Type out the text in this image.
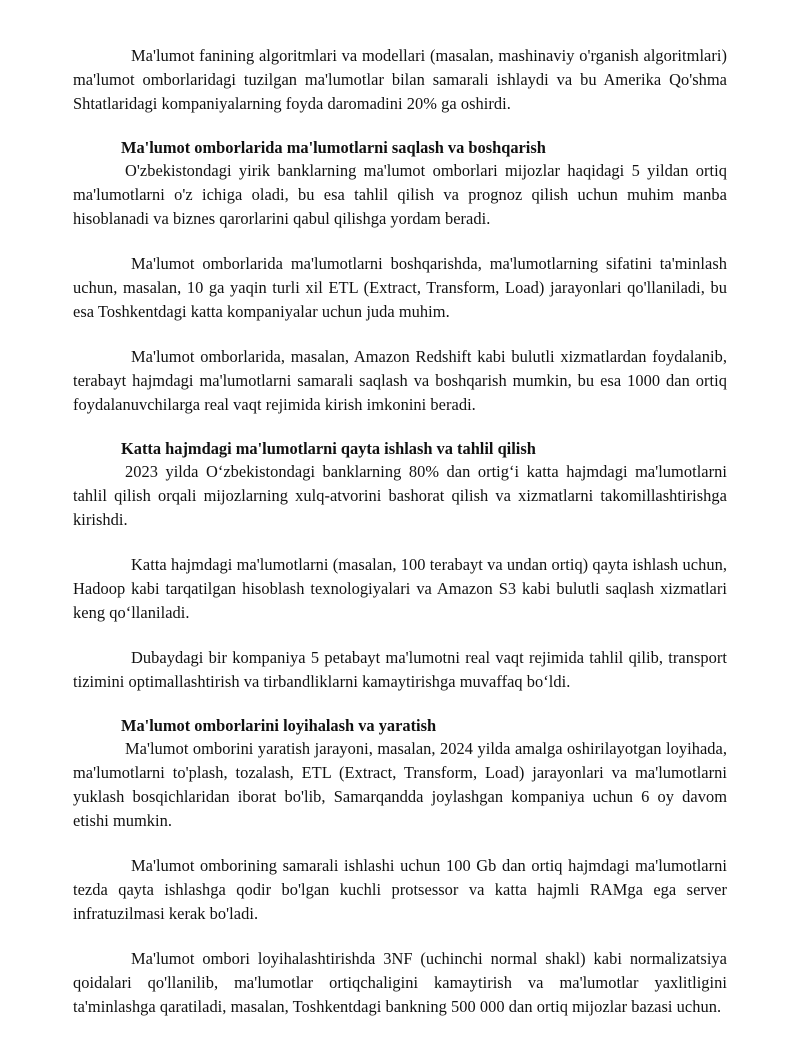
Ma'lumot fanining algoritmlari va modellari (masalan, mashinaviy o'rganish algoritmlari) ma'lumot omborlaridagi tuzilgan ma'lumotlar bilan samarali ishlaydi va bu Amerika Qo'shma Shtatlaridagi kompaniyalarning foyda daromadini 20% ga oshirdi.

Ma'lumot omborlarida ma'lumotlarni saqlash va boshqarish

O'zbekistondagi yirik banklarning ma'lumot omborlari mijozlar haqidagi 5 yildan ortiq ma'lumotlarni o'z ichiga oladi, bu esa tahlil qilish va prognoz qilish uchun muhim manba hisoblanadi va biznes qarorlarini qabul qilishga yordam beradi.

Ma'lumot omborlarida ma'lumotlarni boshqarishda, ma'lumotlarning sifatini ta'minlash uchun, masalan, 10 ga yaqin turli xil ETL (Extract, Transform, Load) jarayonlari qo'llaniladi, bu esa Toshkentdagi katta kompaniyalar uchun juda muhim.

Ma'lumot omborlarida, masalan, Amazon Redshift kabi bulutli xizmatlardan foydalanib, terabayt hajmdagi ma'lumotlarni samarali saqlash va boshqarish mumkin, bu esa 1000 dan ortiq foydalanuvchilarga real vaqt rejimida kirish imkonini beradi.

Katta hajmdagi ma'lumotlarni qayta ishlash va tahlil qilish

2023 yilda O‘zbekistondagi banklarning 80% dan ortig‘i katta hajmdagi ma'lumotlarni tahlil qilish orqali mijozlarning xulq-atvorini bashorat qilish va xizmatlarni takomillashtirishga kirishdi.

Katta hajmdagi ma'lumotlarni (masalan, 100 terabayt va undan ortiq) qayta ishlash uchun, Hadoop kabi tarqatilgan hisoblash texnologiyalari va Amazon S3 kabi bulutli saqlash xizmatlari keng qo‘llaniladi.

Dubaydagi bir kompaniya 5 petabayt ma'lumotni real vaqt rejimida tahlil qilib, transport tizimini optimallashtirish va tirbandliklarni kamaytirishga muvaffaq bo‘ldi.

Ma'lumot omborlarini loyihalash va yaratish

Ma'lumot omborini yaratish jarayoni, masalan, 2024 yilda amalga oshirilayotgan loyihada, ma'lumotlarni to'plash, tozalash, ETL (Extract, Transform, Load) jarayonlari va ma'lumotlarni yuklash bosqichlaridan iborat bo'lib, Samarqandda joylashgan kompaniya uchun 6 oy davom etishi mumkin.

Ma'lumot omborining samarali ishlashi uchun 100 Gb dan ortiq hajmdagi ma'lumotlarni tezda qayta ishlashga qodir bo'lgan kuchli protsessor va katta hajmli RAMga ega server infratuzilmasi kerak bo'ladi.

Ma'lumot ombori loyihalashtirishda 3NF (uchinchi normal shakl) kabi normalizatsiya qoidalari qo'llanilib, ma'lumotlar ortiqchaligini kamaytirish va ma'lumotlar yaxlitligini ta'minlashga qaratiladi, masalan, Toshkentdagi bankning 500 000 dan ortiq mijozlar bazasi uchun.
